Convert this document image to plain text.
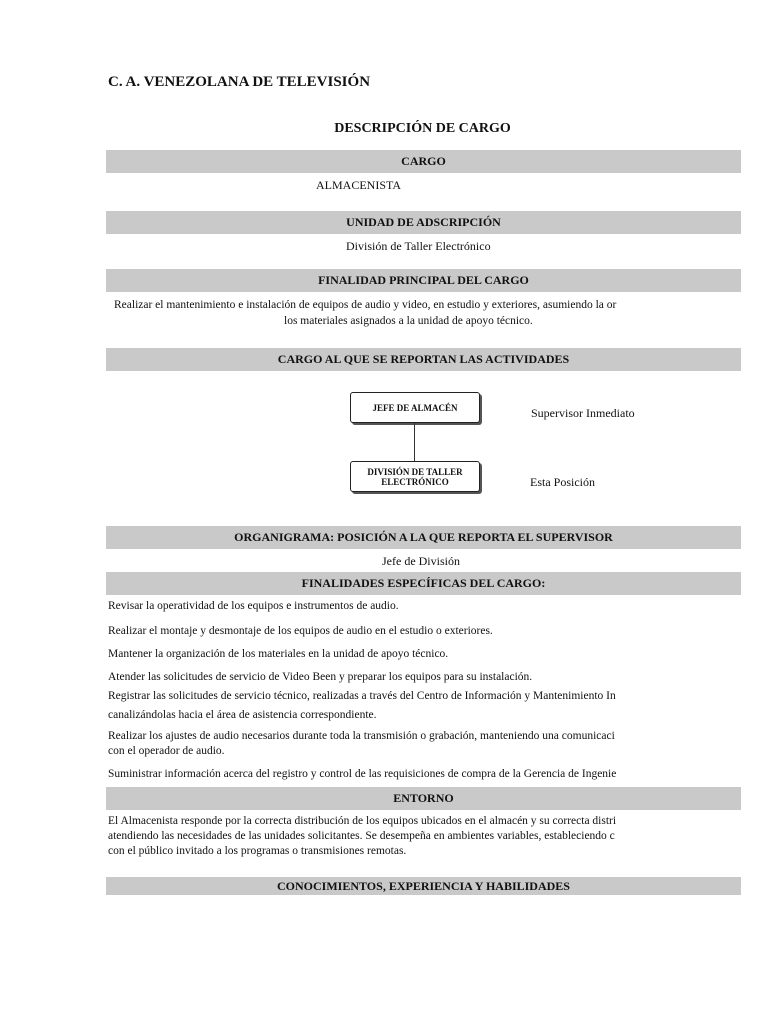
C. A. VENEZOLANA DE TELEVISIÓN
DESCRIPCIÓN DE CARGO
CARGO
ALMACENISTA
UNIDAD DE ADSCRIPCIÓN
División de Taller Electrónico
FINALIDAD PRINCIPAL DEL CARGO
Realizar el mantenimiento e instalación de equipos de audio y video, en estudio y exteriores, asumiendo la or
los materiales asignados a la unidad de apoyo técnico.
CARGO AL QUE SE REPORTAN LAS ACTIVIDADES
JEFE DE ALMACÉN
DIVISIÓN DE TALLER
ELECTRÓNICO
Supervisor Inmediato
Esta Posición
ORGANIGRAMA: POSICIÓN A LA QUE REPORTA EL SUPERVISOR
Jefe de División
FINALIDADES ESPECÍFICAS DEL CARGO:
Revisar la operatividad de los equipos e instrumentos de audio.
Realizar el montaje y desmontaje de los equipos de audio en el estudio o exteriores.
Mantener la organización de los materiales en la unidad de apoyo técnico.
Atender las solicitudes de servicio de Video Been y preparar los equipos para su instalación.
Registrar las solicitudes de servicio técnico, realizadas a través del Centro de Información y Mantenimiento In
canalizándolas hacia el área de asistencia correspondiente.
Realizar los ajustes de audio necesarios durante toda la transmisión o grabación, manteniendo una comunicaci
con el operador de audio.
Suministrar información acerca del registro y control de las requisiciones de compra de la Gerencia de Ingenie
ENTORNO
El Almacenista responde por la correcta distribución de los equipos ubicados en el almacén y su correcta distri
atendiendo las necesidades de las unidades solicitantes. Se desempeña en ambientes variables, estableciendo c
con el público invitado a los programas o transmisiones remotas.
CONOCIMIENTOS, EXPERIENCIA Y HABILIDADES
